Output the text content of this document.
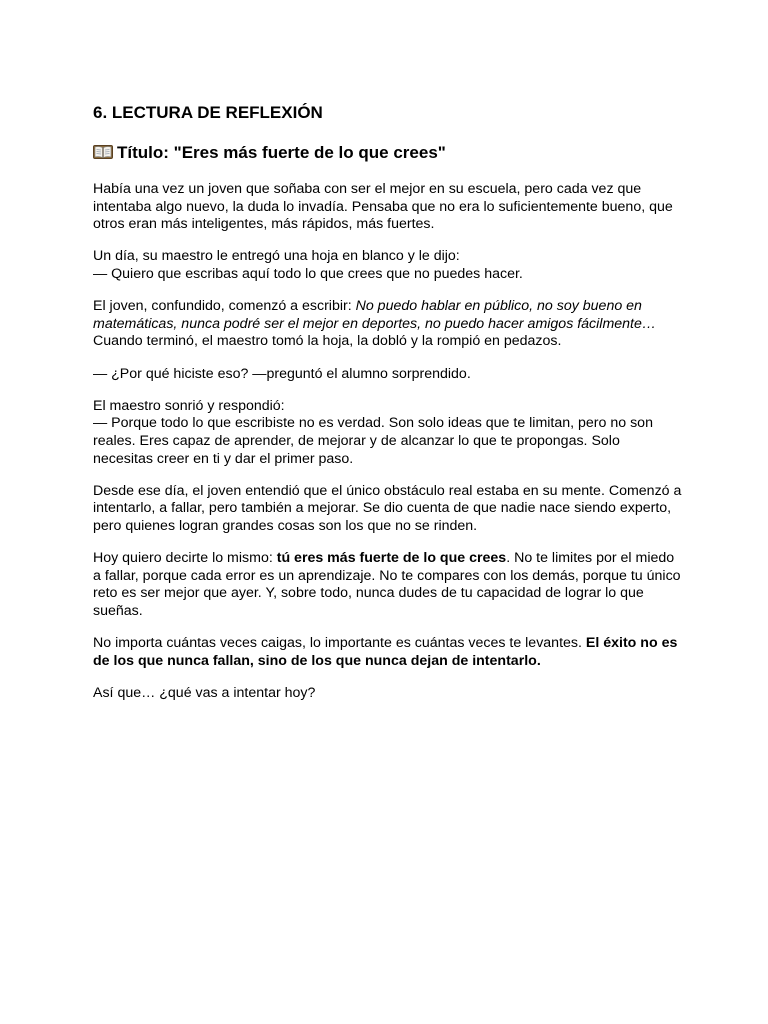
6. LECTURA DE REFLEXIÓN
Título: "Eres más fuerte de lo que crees"

Había una vez un joven que soñaba con ser el mejor en su escuela, pero cada vez que intentaba algo nuevo, la duda lo invadía. Pensaba que no era lo suficientemente bueno, que otros eran más inteligentes, más rápidos, más fuertes.

Un día, su maestro le entregó una hoja en blanco y le dijo:
— Quiero que escribas aquí todo lo que crees que no puedes hacer.

El joven, confundido, comenzó a escribir: No puedo hablar en público, no soy bueno en matemáticas, nunca podré ser el mejor en deportes, no puedo hacer amigos fácilmente… Cuando terminó, el maestro tomó la hoja, la dobló y la rompió en pedazos.

— ¿Por qué hiciste eso? —preguntó el alumno sorprendido.

El maestro sonrió y respondió:
— Porque todo lo que escribiste no es verdad. Son solo ideas que te limitan, pero no son reales. Eres capaz de aprender, de mejorar y de alcanzar lo que te propongas. Solo necesitas creer en ti y dar el primer paso.

Desde ese día, el joven entendió que el único obstáculo real estaba en su mente. Comenzó a intentarlo, a fallar, pero también a mejorar. Se dio cuenta de que nadie nace siendo experto, pero quienes logran grandes cosas son los que no se rinden.

Hoy quiero decirte lo mismo: tú eres más fuerte de lo que crees. No te limites por el miedo a fallar, porque cada error es un aprendizaje. No te compares con los demás, porque tu único reto es ser mejor que ayer. Y, sobre todo, nunca dudes de tu capacidad de lograr lo que sueñas.

No importa cuántas veces caigas, lo importante es cuántas veces te levantes. El éxito no es de los que nunca fallan, sino de los que nunca dejan de intentarlo.

Así que… ¿qué vas a intentar hoy?
